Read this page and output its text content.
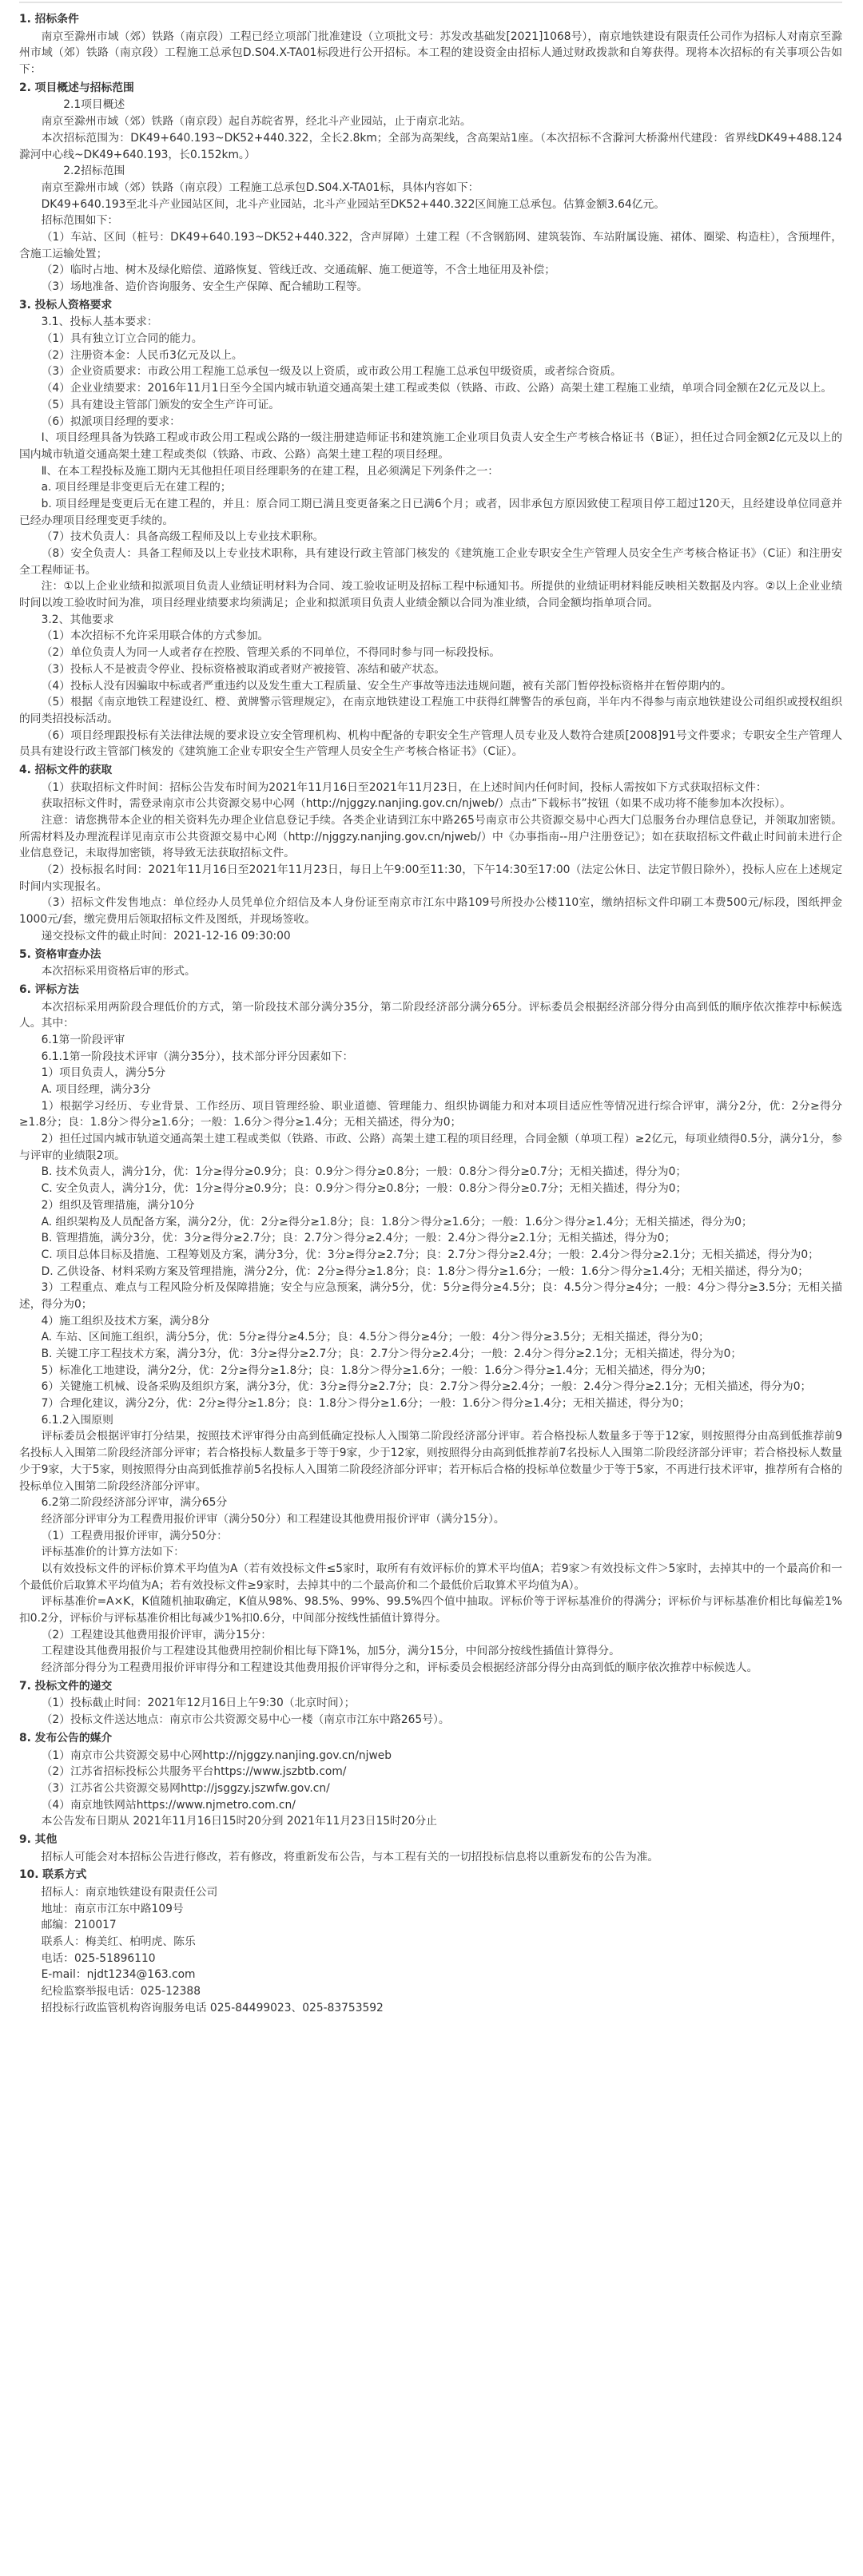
1. 招标条件

南京至滁州市域（郊）铁路（南京段）工程已经立项部门批准建设（立项批文号：苏发改基础发[2021]1068号），南京地铁建设有限责任公司作为招标人对南京至滁州市域（郊）铁路（南京段）工程施工总承包D.S04.X-TA01标段进行公开招标。本工程的建设资金由招标人通过财政拨款和自筹获得。现将本次招标的有关事项公告如下：

2. 项目概述与招标范围

2.1项目概述

南京至滁州市域（郊）铁路（南京段）起自苏皖省界，经北斗产业园站，止于南京北站。

本次招标范围为：DK49+640.193~DK52+440.322，全长2.8km；全部为高架线，含高架站1座。（本次招标不含滁河大桥滁州代建段：省界线DK49+488.124滁河中心线~DK49+640.193，长0.152km。）

2.2招标范围

南京至滁州市域（郊）铁路（南京段）工程施工总承包D.S04.X-TA01标，具体内容如下：

DK49+640.193至北斗产业园站区间，北斗产业园站，北斗产业园站至DK52+440.322区间施工总承包。估算金额3.64亿元。

招标范围如下：

（1）车站、区间（桩号：DK49+640.193~DK52+440.322，含声屏障）土建工程（不含钢筋网、建筑装饰、车站附属设施、裙体、圈梁、构造柱），含预埋件，含施工运输处置；

（2）临时占地、树木及绿化赔偿、道路恢复、管线迁改、交通疏解、施工便道等，不含土地征用及补偿；

（3）场地准备、造价咨询服务、安全生产保障、配合辅助工程等。

3. 投标人资格要求

3.1、投标人基本要求：

（1）具有独立订立合同的能力。

（2）注册资本金：人民币3亿元及以上。

（3）企业资质要求：市政公用工程施工总承包一级及以上资质，或市政公用工程施工总承包甲级资质，或者综合资质。

（4）企业业绩要求：2016年11月1日至今全国内城市轨道交通高架土建工程或类似（铁路、市政、公路）高架土建工程施工业绩，单项合同金额在2亿元及以上。

（5）具有建设主管部门颁发的安全生产许可证。

（6）拟派项目经理的要求：

Ⅰ、项目经理具备为铁路工程或市政公用工程或公路的一级注册建造师证书和建筑施工企业项目负责人安全生产考核合格证书（B证），担任过合同金额2亿元及以上的国内城市轨道交通高架土建工程或类似（铁路、市政、公路）高架土建工程的项目经理。

Ⅱ、在本工程投标及施工期内无其他担任项目经理职务的在建工程，且必须满足下列条件之一：

a. 项目经理是非变更后无在建工程的；

b. 项目经理是变更后无在建工程的，并且：原合同工期已满且变更备案之日已满6个月；或者，因非承包方原因致使工程项目停工超过120天，且经建设单位同意并已经办理项目经理变更手续的。

（7）技术负责人：具备高级工程师及以上专业技术职称。

（8）安全负责人：具备工程师及以上专业技术职称，具有建设行政主管部门核发的《建筑施工企业专职安全生产管理人员安全生产考核合格证书》（C证）和注册安全工程师证书。

注：①以上企业业绩和拟派项目负责人业绩证明材料为合同、竣工验收证明及招标工程中标通知书。所提供的业绩证明材料能反映相关数据及内容。②以上企业业绩时间以竣工验收时间为准，项目经理业绩要求均须满足；企业和拟派项目负责人业绩金额以合同为准业绩，合同金额均指单项合同。

3.2、其他要求

（1）本次招标不允许采用联合体的方式参加。

（2）单位负责人为同一人或者存在控股、管理关系的不同单位，不得同时参与同一标段投标。

（3）投标人不是被责令停业、投标资格被取消或者财产被接管、冻结和破产状态。

（4）投标人没有因骗取中标或者严重违约以及发生重大工程质量、安全生产事故等违法违规问题，被有关部门暂停投标资格并在暂停期内的。

（5）根据《南京地铁工程建设红、橙、黄牌警示管理规定》，在南京地铁建设工程施工中获得红牌警告的承包商，半年内不得参与南京地铁建设公司组织或授权组织的同类招投标活动。

（6）项目经理跟投标有关法律法规的要求设立安全管理机构、机构中配备的专职安全生产管理人员专业及人数符合建质[2008]91号文件要求；专职安全生产管理人员具有建设行政主管部门核发的《建筑施工企业专职安全生产管理人员安全生产考核合格证书》（C证）。

4. 招标文件的获取

（1）获取招标文件时间：招标公告发布时间为2021年11月16日至2021年11月23日，在上述时间内任何时间，投标人需按如下方式获取招标文件：

获取招标文件时，需登录南京市公共资源交易中心网（http://njggzy.nanjing.gov.cn/njweb/）点击“下载标书”按钮（如果不成功将不能参加本次投标）。

注意：请您携带本企业的相关资料先办理企业信息登记手续。各类企业请到江东中路265号南京市公共资源交易中心西大门总服务台办理信息登记，并领取加密锁。所需材料及办理流程详见南京市公共资源交易中心网（http://njggzy.nanjing.gov.cn/njweb/）中《办事指南--用户注册登记》；如在获取招标文件截止时间前未进行企业信息登记，未取得加密锁，将导致无法获取招标文件。

（2）投标报名时间：2021年11月16日至2021年11月23日，每日上午9:00至11:30，下午14:30至17:00（法定公休日、法定节假日除外），投标人应在上述规定时间内实现报名。

（3）招标文件发售地点：单位经办人员凭单位介绍信及本人身份证至南京市江东中路109号所投办公楼110室，缴纳招标文件印刷工本费500元/标段，图纸押金1000元/套，缴完费用后领取招标文件及图纸，并现场签收。

递交投标文件的截止时间：2021-12-16 09:30:00

5. 资格审查办法

本次招标采用资格后审的形式。

6. 评标方法

本次招标采用两阶段合理低价的方式，第一阶段技术部分满分35分，第二阶段经济部分满分65分。评标委员会根据经济部分得分由高到低的顺序依次推荐中标候选人。其中：

6.1第一阶段评审

6.1.1第一阶段技术评审（满分35分），技术部分评分因素如下：

1）项目负责人，满分5分

A. 项目经理，满分3分

1）根据学习经历、专业背景、工作经历、项目管理经验、职业道德、管理能力、组织协调能力和对本项目适应性等情况进行综合评审，满分2分，优：2分≥得分≥1.8分；良：1.8分＞得分≥1.6分；一般：1.6分＞得分≥1.4分；无相关描述，得分为0；

2）担任过国内城市轨道交通高架土建工程或类似（铁路、市政、公路）高架土建工程的项目经理，合同金额（单项工程）≥2亿元，每项业绩得0.5分，满分1分，参与评审的业绩限2项。

B. 技术负责人，满分1分，优：1分≥得分≥0.9分；良：0.9分＞得分≥0.8分；一般：0.8分＞得分≥0.7分；无相关描述，得分为0；

C. 安全负责人，满分1分，优：1分≥得分≥0.9分；良：0.9分＞得分≥0.8分；一般：0.8分＞得分≥0.7分；无相关描述，得分为0；

2）组织及管理措施，满分10分

A. 组织架构及人员配备方案，满分2分，优：2分≥得分≥1.8分；良：1.8分＞得分≥1.6分；一般：1.6分＞得分≥1.4分；无相关描述，得分为0；

B. 管理措施，满分3分，优：3分≥得分≥2.7分；良：2.7分＞得分≥2.4分；一般：2.4分＞得分≥2.1分；无相关描述，得分为0；

C. 项目总体目标及措施、工程筹划及方案，满分3分，优：3分≥得分≥2.7分；良：2.7分＞得分≥2.4分；一般：2.4分＞得分≥2.1分；无相关描述，得分为0；

D. 乙供设备、材料采购方案及管理措施，满分2分，优：2分≥得分≥1.8分；良：1.8分＞得分≥1.6分；一般：1.6分＞得分≥1.4分；无相关描述，得分为0；

3）工程重点、难点与工程风险分析及保障措施；安全与应急预案，满分5分，优：5分≥得分≥4.5分；良：4.5分＞得分≥4分；一般：4分＞得分≥3.5分；无相关描述，得分为0；

4）施工组织及技术方案，满分8分

A. 车站、区间施工组织，满分5分，优：5分≥得分≥4.5分；良：4.5分＞得分≥4分；一般：4分＞得分≥3.5分；无相关描述，得分为0；

B. 关键工序工程技术方案，满分3分，优：3分≥得分≥2.7分；良：2.7分＞得分≥2.4分；一般：2.4分＞得分≥2.1分；无相关描述，得分为0；

5）标准化工地建设，满分2分，优：2分≥得分≥1.8分；良：1.8分＞得分≥1.6分；一般：1.6分＞得分≥1.4分；无相关描述，得分为0；

6）关键施工机械、设备采购及组织方案，满分3分，优：3分≥得分≥2.7分；良：2.7分＞得分≥2.4分；一般：2.4分＞得分≥2.1分；无相关描述，得分为0；

7）合理化建议，满分2分，优：2分≥得分≥1.8分；良：1.8分＞得分≥1.6分；一般：1.6分＞得分≥1.4分；无相关描述，得分为0；

6.1.2入围原则

评标委员会根据评审打分结果，按照技术评审得分由高到低确定投标人入围第二阶段经济部分评审。若合格投标人数量多于等于12家，则按照得分由高到低推荐前9名投标人入围第二阶段经济部分评审；若合格投标人数量多于等于9家，少于12家，则按照得分由高到低推荐前7名投标人入围第二阶段经济部分评审；若合格投标人数量少于9家，大于5家，则按照得分由高到低推荐前5名投标人入围第二阶段经济部分评审；若开标后合格的投标单位数量少于等于5家，不再进行技术评审，推荐所有合格的投标单位入围第二阶段经济部分评审。

6.2第二阶段经济部分评审，满分65分

经济部分评审分为工程费用报价评审（满分50分）和工程建设其他费用报价评审（满分15分）。

（1）工程费用报价评审，满分50分：

评标基准价的计算方法如下：

以有效投标文件的评标价算术平均值为A（若有效投标文件≤5家时，取所有有效评标价的算术平均值A；若9家＞有效投标文件＞5家时，去掉其中的一个最高价和一个最低价后取算术平均值为A；若有效投标文件≥9家时，去掉其中的二个最高价和二个最低价后取算术平均值为A）。

评标基准价=A×K，K值随机抽取确定，K值从98%、98.5%、99%、99.5%四个值中抽取。评标价等于评标基准价的得满分；评标价与评标基准价相比每偏差1%扣0.2分，评标价与评标基准价相比每减少1%扣0.6分，中间部分按线性插值计算得分。

（2）工程建设其他费用报价评审，满分15分：

工程建设其他费用报价与工程建设其他费用控制价相比每下降1%，加5分，满分15分，中间部分按线性插值计算得分。

经济部分得分为工程费用报价评审得分和工程建设其他费用报价评审得分之和，评标委员会根据经济部分得分由高到低的顺序依次推荐中标候选人。

7. 投标文件的递交

（1）投标截止时间：2021年12月16日上午9:30（北京时间）；

（2）投标文件送达地点：南京市公共资源交易中心一楼（南京市江东中路265号）。

8. 发布公告的媒介

（1）南京市公共资源交易中心网http://njggzy.nanjing.gov.cn/njweb

（2）江苏省招标投标公共服务平台https://www.jszbtb.com/

（3）江苏省公共资源交易网http://jsggzy.jszwfw.gov.cn/

（4）南京地铁网站https://www.njmetro.com.cn/

本公告发布日期从 2021年11月16日15时20分到 2021年11月23日15时20分止

9. 其他

招标人可能会对本招标公告进行修改，若有修改，将重新发布公告，与本工程有关的一切招投标信息将以重新发布的公告为准。

10. 联系方式

招标人：南京地铁建设有限责任公司

地址：南京市江东中路109号

邮编：210017

联系人：梅美红、柏明虎、陈乐

电话：025-51896110

E-mail：njdt1234@163.com

纪检监察举报电话：025-12388

招投标行政监管机构咨询服务电话 025-84499023、025-83753592
